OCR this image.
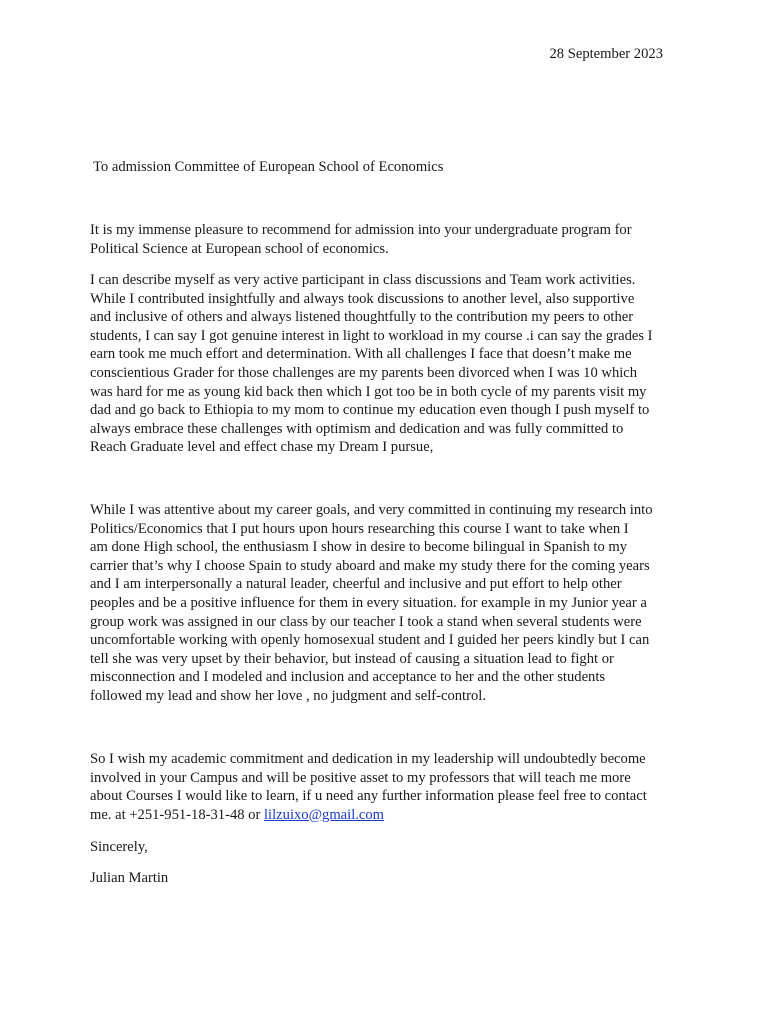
28 September 2023
To admission Committee of European School of Economics
It is my immense pleasure to recommend for admission into your undergraduate program for
Political Science at European school of economics.
I can describe myself as very active participant in class discussions and Team work activities.
While I contributed insightfully and always took discussions to another level, also supportive
and inclusive of others and always listened thoughtfully to the contribution my peers to other
students, I can say I got genuine interest in light to workload in my course .i can say the grades I
earn took me much effort and determination. With all challenges I face that doesn’t make me
conscientious Grader for those challenges are my parents been divorced when I was 10 which
was hard for me as young kid back then which I got too be in both cycle of my parents visit my
dad and go back to Ethiopia to my mom to continue my education even though I push myself to
always embrace these challenges with optimism and dedication and was fully committed to
Reach Graduate level and effect chase my Dream I pursue,
While I was attentive about my career goals, and very committed in continuing my research into
Politics/Economics that I put hours upon hours researching this course I want to take when I
am done High school, the enthusiasm I show in desire to become bilingual in Spanish to my
carrier that’s why I choose Spain to study aboard and make my study there for the coming years
and I am interpersonally a natural leader, cheerful and inclusive and put effort to help other
peoples and be a positive influence for them in every situation. for example in my Junior year a
group work was assigned in our class by our teacher I took a stand when several students were
uncomfortable working with openly homosexual student and I guided her peers kindly but I can
tell she was very upset by their behavior, but instead of causing a situation lead to fight or
misconnection and I modeled and inclusion and acceptance to her and the other students
followed my lead and show her love , no judgment and self-control.
So I wish my academic commitment and dedication in my leadership will undoubtedly become
involved in your Campus and will be positive asset to my professors that will teach me more
about Courses I would like to learn, if u need any further information please feel free to contact
me. at +251-951-18-31-48 or lilzuixo@gmail.com
Sincerely,
Julian Martin
